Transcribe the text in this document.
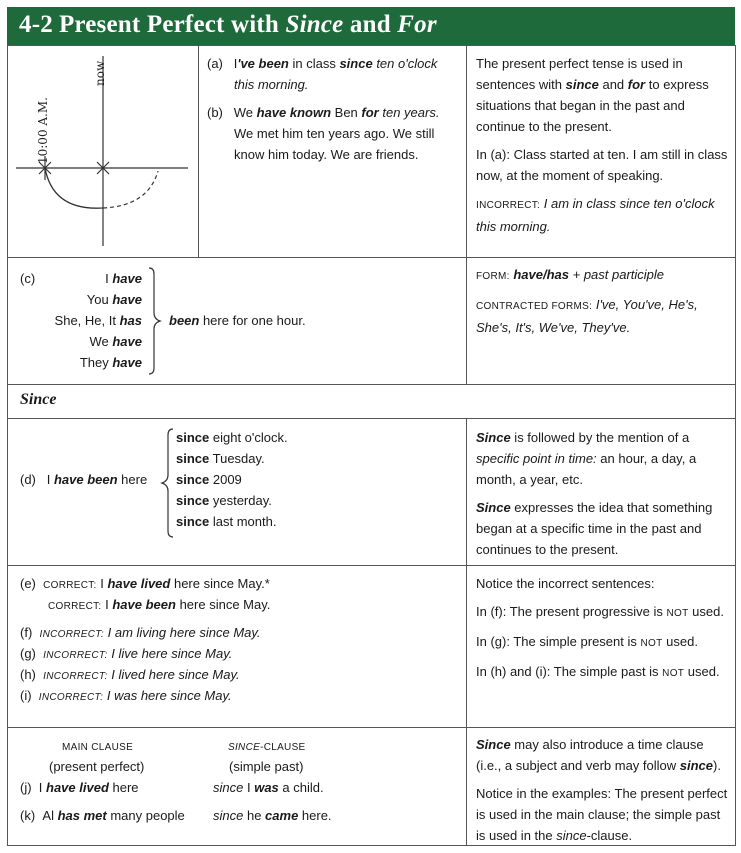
4-2 Present Perfect with Since and For
now
10:00 A.M.
(a) I've been in class since ten o'clock
this morning.
(b) We have known Ben for ten years.
We met him ten years ago. We still
know him today. We are friends.

The present perfect tense is used in sentences with since and for to express situations that began in the past and continue to the present.

In (a): Class started at ten. I am still in class now, at the moment of speaking.

INCORRECT: I am in class since ten o'clock this morning.

(c)	I have
You have
She, He, It has
We have
They have
been here for one hour.

FORM: have/has + past participle

CONTRACTED FORMS: I've, You've, He's, She's, It's, We've, They've.

Since
(d) I have been here
since eight o'clock.
since Tuesday.
since 2009
since yesterday.
since last month.

Since is followed by the mention of a specific point in time: an hour, a day, a month, a year, etc.

Since expresses the idea that something began at a specific time in the past and continues to the present.

(e) CORRECT: I have lived here since May.*
CORRECT: I have been here since May.
(f) INCORRECT: I am living here since May.
(g) INCORRECT: I live here since May.
(h) INCORRECT: I lived here since May.
(i) INCORRECT: I was here since May.

Notice the incorrect sentences:

In (f): The present progressive is NOT used.

In (g): The simple present is NOT used.

In (h) and (i): The simple past is NOT used.

MAIN CLAUSE	SINCE-CLAUSE
(present perfect)	(simple past)
(j) I have lived here	since I was a child.
(k) Al has met many people since he came here.

Since may also introduce a time clause (i.e., a subject and verb may follow since).

Notice in the examples: The present perfect is used in the main clause; the simple past is used in the since-clause.
